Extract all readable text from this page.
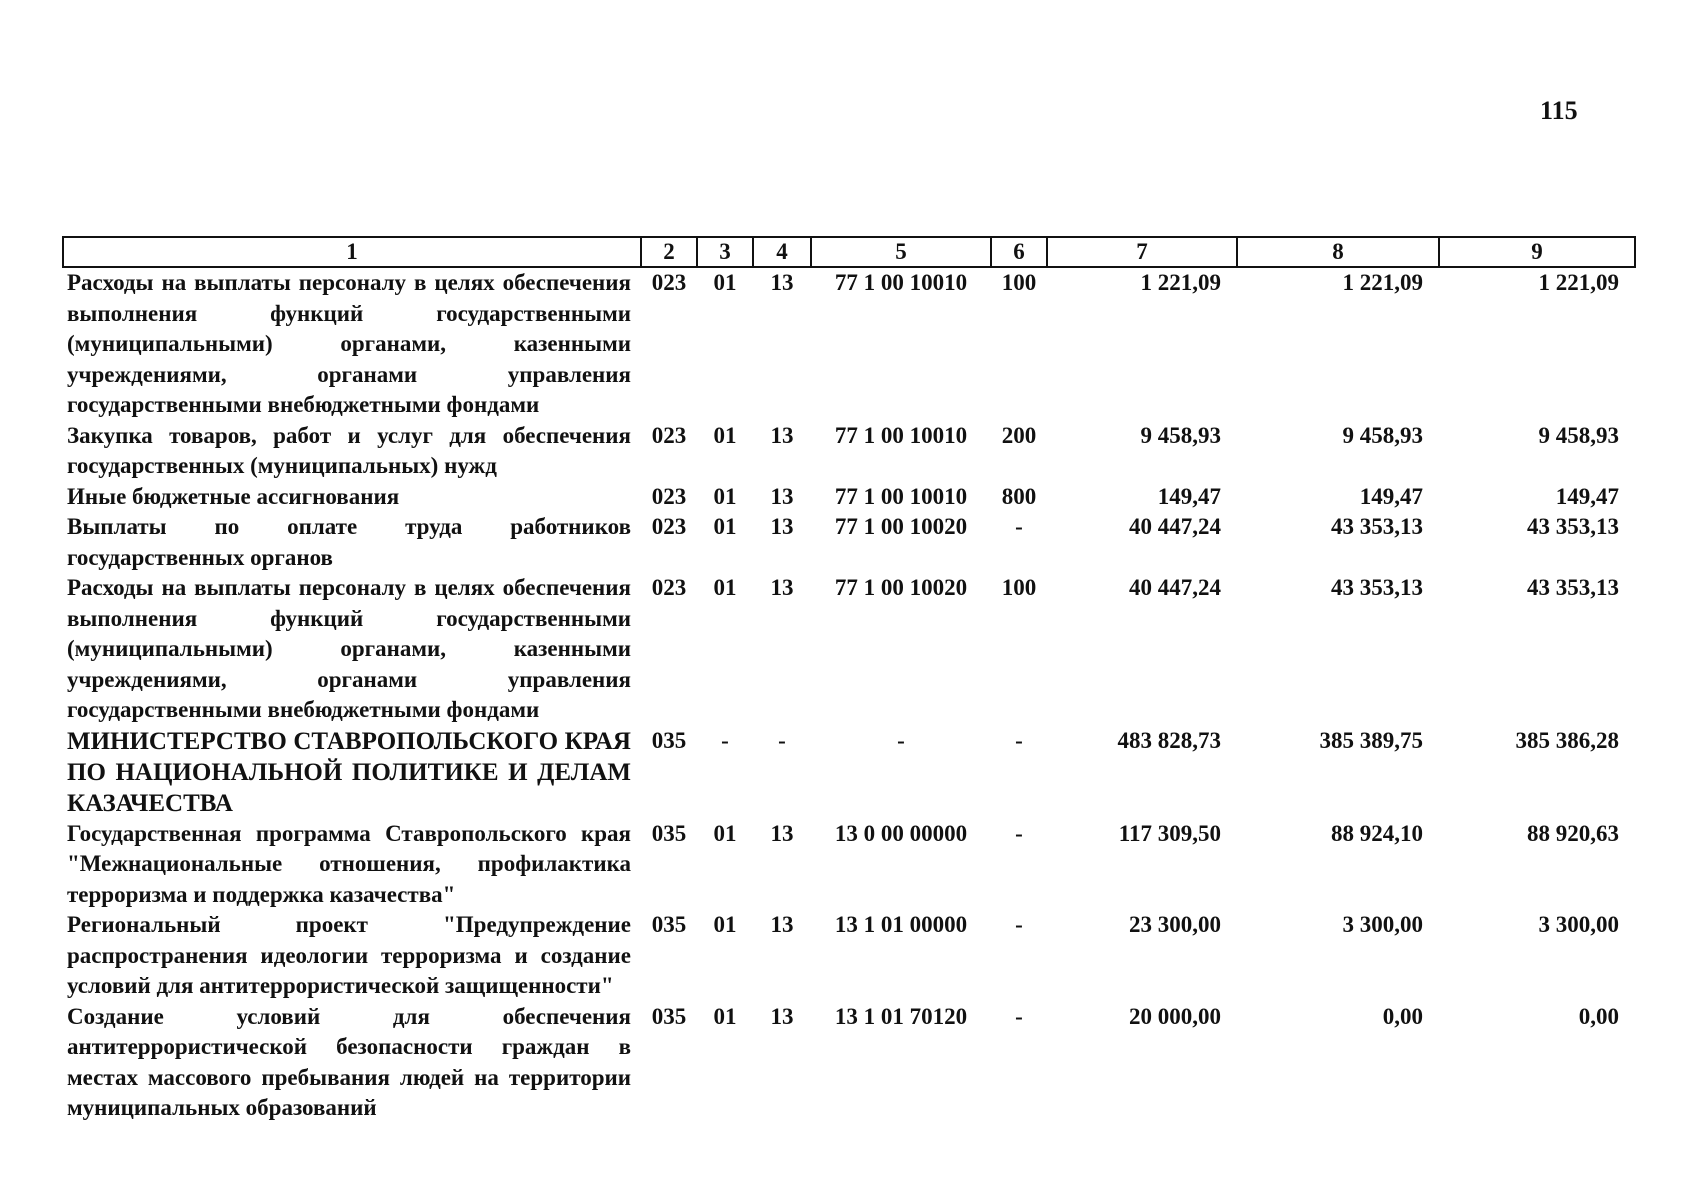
115
1	2	3	4	5	6	7	8	9
Расходы на выплаты персоналу в целях обеспечения выполнения функций государственными (муниципальными) органами, казенными учреждениями, органами управления государственными внебюджетными фондами	023	01	13	77 1 00 10010	100	1 221,09	1 221,09	1 221,09
Закупка товаров, работ и услуг для обеспечения государственных (муниципальных) нужд	023	01	13	77 1 00 10010	200	9 458,93	9 458,93	9 458,93
Иные бюджетные ассигнования	023	01	13	77 1 00 10010	800	149,47	149,47	149,47
Выплаты по оплате труда работников государственных органов	023	01	13	77 1 00 10020	-	40 447,24	43 353,13	43 353,13
Расходы на выплаты персоналу в целях обеспечения выполнения функций государственными (муниципальными) органами, казенными учреждениями, органами управления государственными внебюджетными фондами	023	01	13	77 1 00 10020	100	40 447,24	43 353,13	43 353,13
МИНИСТЕРСТВО СТАВРОПОЛЬСКОГО КРАЯ ПО НАЦИОНАЛЬНОЙ ПОЛИТИКЕ И ДЕЛАМ КАЗАЧЕСТВА	035	-	-	-	-	483 828,73	385 389,75	385 386,28
Государственная программа Ставропольского края "Межнациональные отношения, профилактика терроризма и поддержка казачества"	035	01	13	13 0 00 00000	-	117 309,50	88 924,10	88 920,63
Региональный проект "Предупреждение распространения идеологии терроризма и создание условий для антитеррористической защищенности"	035	01	13	13 1 01 00000	-	23 300,00	3 300,00	3 300,00
Создание условий для обеспечения антитеррористической безопасности граждан в местах массового пребывания людей на территории муниципальных образований	035	01	13	13 1 01 70120	-	20 000,00	0,00	0,00
